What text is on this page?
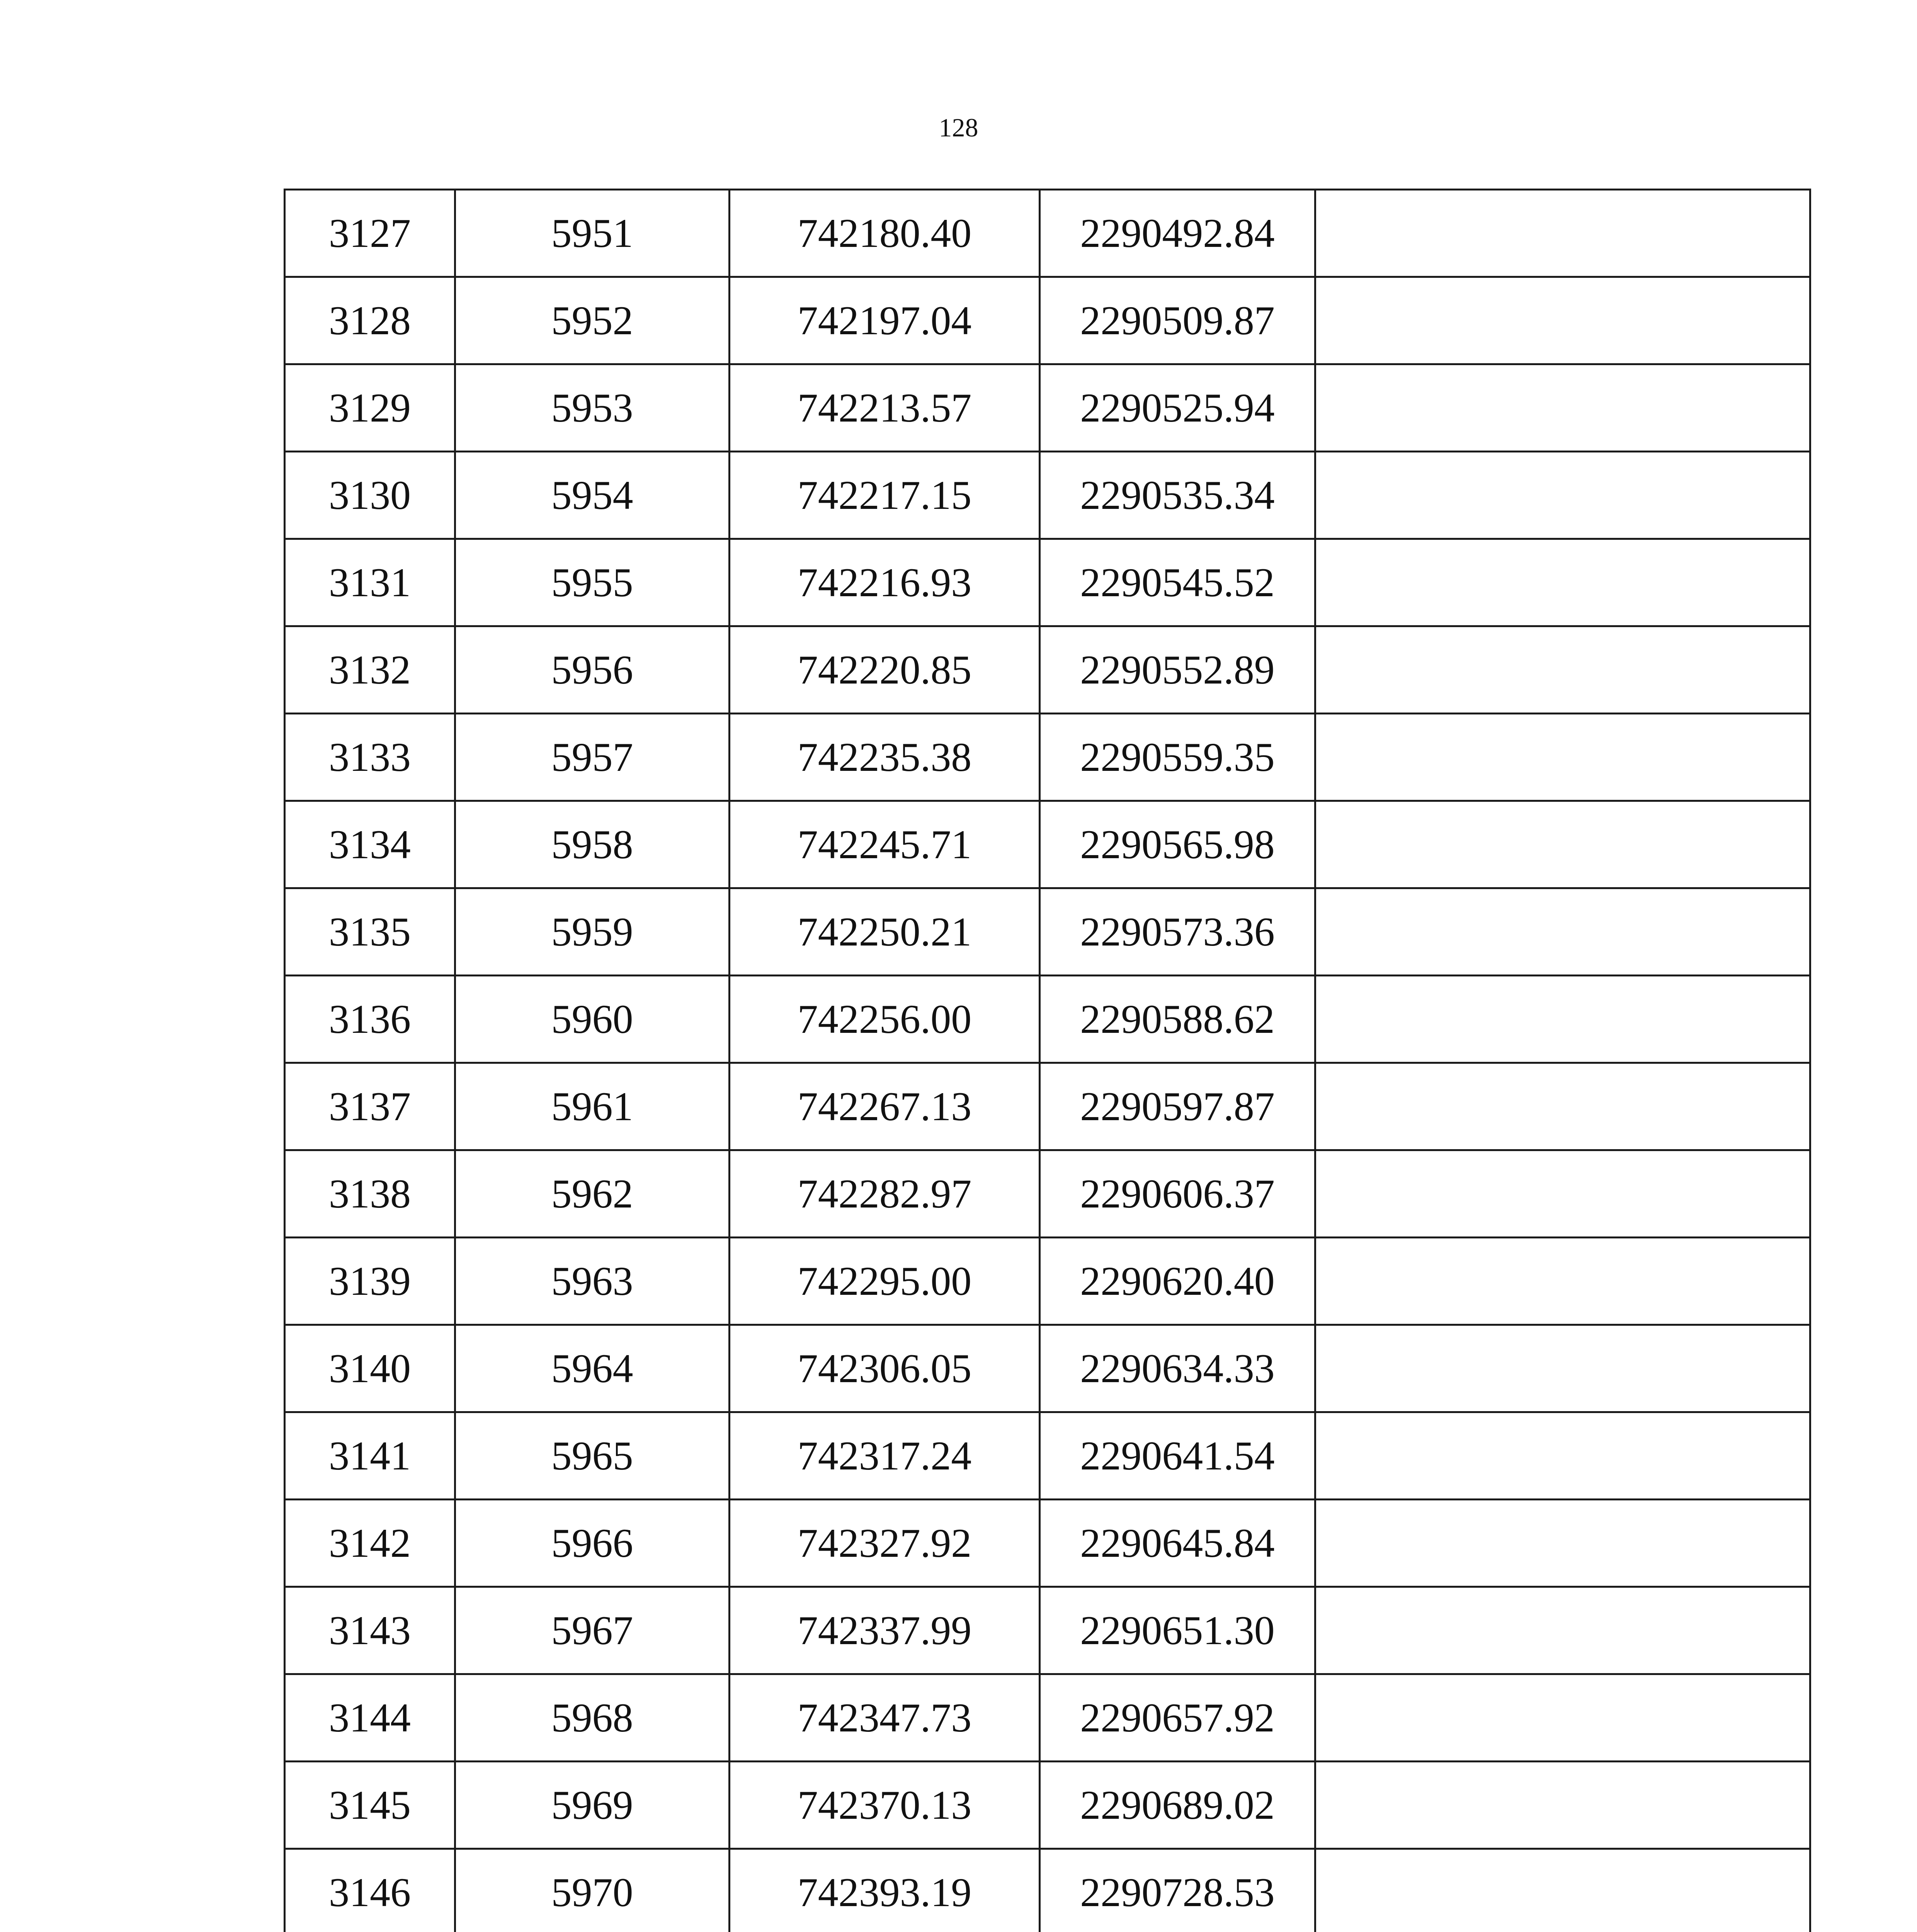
128
3127	5951	742180.40	2290492.84	
3128	5952	742197.04	2290509.87	
3129	5953	742213.57	2290525.94	
3130	5954	742217.15	2290535.34	
3131	5955	742216.93	2290545.52	
3132	5956	742220.85	2290552.89	
3133	5957	742235.38	2290559.35	
3134	5958	742245.71	2290565.98	
3135	5959	742250.21	2290573.36	
3136	5960	742256.00	2290588.62	
3137	5961	742267.13	2290597.87	
3138	5962	742282.97	2290606.37	
3139	5963	742295.00	2290620.40	
3140	5964	742306.05	2290634.33	
3141	5965	742317.24	2290641.54	
3142	5966	742327.92	2290645.84	
3143	5967	742337.99	2290651.30	
3144	5968	742347.73	2290657.92	
3145	5969	742370.13	2290689.02	
3146	5970	742393.19	2290728.53	
